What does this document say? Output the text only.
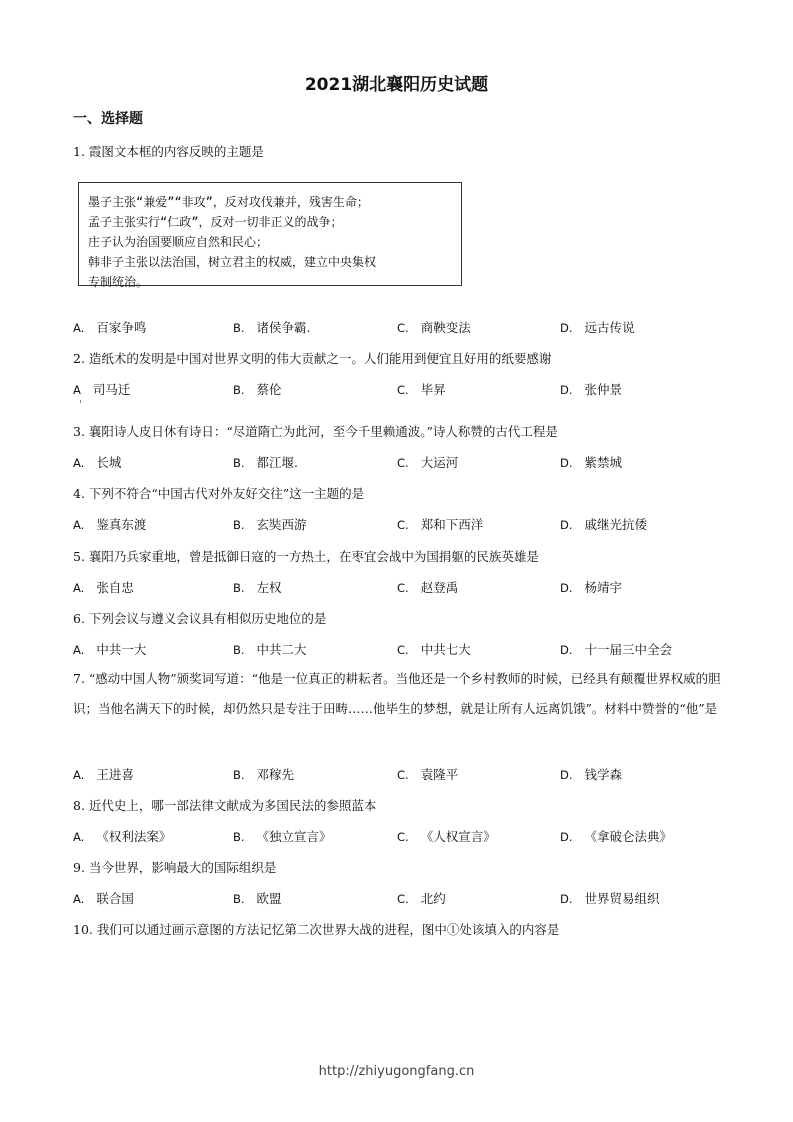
2021湖北襄阳历史试题
一、选择题
1. 霞图文本框的内容反映的主题是
墨子主张“兼爱”“非攻”，反对攻伐兼并，残害生命；
孟子主张实行“仁政”，反对一切非正义的战争；
庄子认为治国要顺应自然和民心；
韩非子主张以法治国，树立君主的权威，建立中央集权
专制统治。
A. 百家争鸣	B. 诸侯争霸.	C. 商鞅变法	D. 远古传说
2. 造纸术的发明是中国对世界文明的伟大贡献之一。人们能用到便宜且好用的纸要感谢
A 司马迁	B. 蔡伦	C. 毕昇	D. 张仲景
3. 襄阳诗人皮日休有诗日：“尽道隋亡为此河，至今千里赖通波。”诗人称赞的古代工程是
A. 长城	B. 都江堰.	C. 大运河	D. 紫禁城
4. 下列不符合“中国古代对外友好交往”这一主题的是
A. 鉴真东渡	B. 玄奘西游	C. 郑和下西洋	D. 戚继光抗倭
5. 襄阳乃兵家重地，曾是抵御日寇的一方热土，在枣宜会战中为国捐躯的民族英雄是
A. 张自忠	B. 左权	C. 赵登禹	D. 杨靖宇
6. 下列会议与遵义会议具有相似历史地位的是
A. 中共一大	B. 中共二大	C. 中共七大	D. 十一届三中全会
7. “感动中国人物”颁奖词写道：“他是一位真正的耕耘者。当他还是一个乡村教师的时候，已经具有颠覆世界权威的胆识；当他名满天下的时候，却仍然只是专注于田畴……他毕生的梦想，就是让所有人远离饥饿”。材料中赞誉的“他”是
A. 王进喜	B. 邓稼先	C. 袁隆平	D. 钱学森
8. 近代史上，哪一部法律文献成为多国民法的参照蓝本
A. 《权利法案》	B. 《独立宣言》	C. 《人权宣言》	D. 《拿破仑法典》
9. 当今世界，影响最大的国际组织是
A. 联合国	B. 欧盟	C. 北约	D. 世界贸易组织
10. 我们可以通过画示意图的方法记忆第二次世界大战的进程，图中①处该填入的内容是
http://zhiyugongfang.cn
